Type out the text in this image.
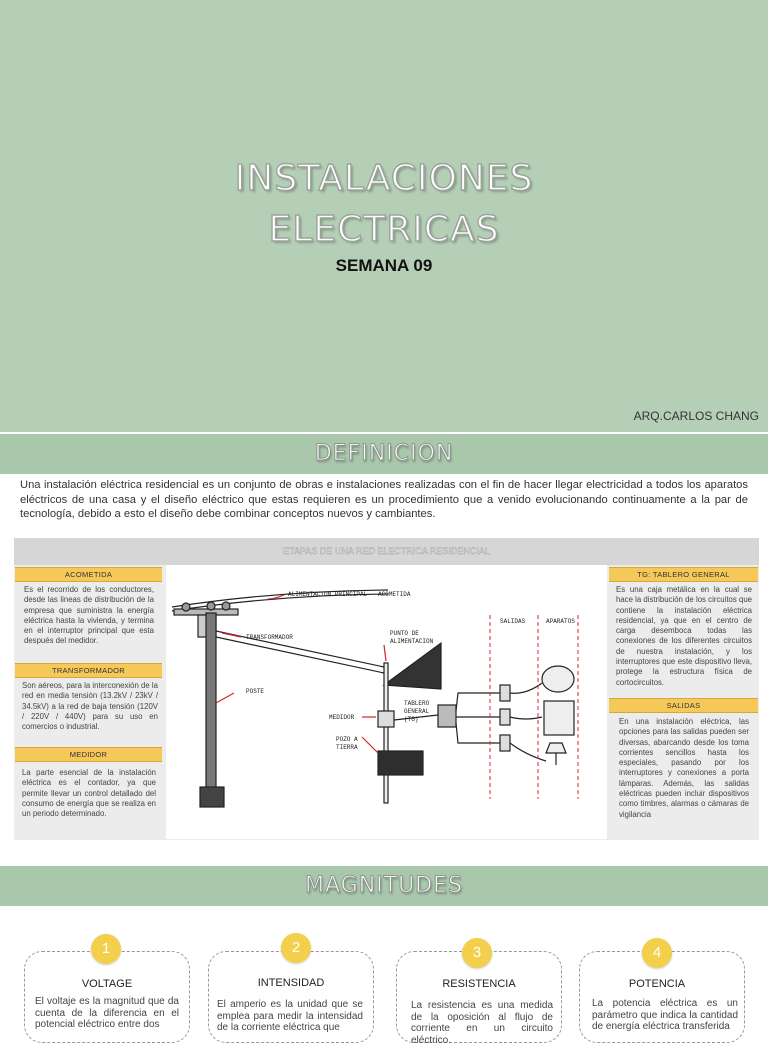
INSTALACIONES
ELECTRICAS
SEMANA 09
ARQ.CARLOS CHANG
DEFINICION
Una instalación eléctrica residencial es un conjunto de obras e instalaciones realizadas con el fin de hacer llegar electricidad a todos los aparatos eléctricos de una casa y el diseño eléctrico que estas requieren es un procedimiento que a venido evolucionando continuamente a la par de tecnología, debido a esto el diseño debe combinar conceptos nuevos y cambiantes.
ETAPAS DE UNA RED ELECTRICA RESIDENCIAL
ACOMETIDA
Es el recorrido de los conductores, desde las lineas de distribución de la empresa que suministra la energía eléctrica hasta la vivienda, y termina en el interruptor principal que esta después del medidor.
TRANSFORMADOR
Son aéreos, para la interconexión de la red en media tensión (13.2kV / 23kV / 34.5kV) a la red de baja tensión (120V / 220V / 440V) para su uso en comercios o industrial.
MEDIDOR
La parte esencial de la instalación eléctrica es el contador, ya que permite llevar un control detallado del consumo de energía que se realiza en un periodo determinado.
TG: TABLERO GENERAL
Es una caja metálica en la cual se hace la distribución de los circuitos que contiene la instalación eléctrica residencial, ya que en el centro de carga desemboca todas las conexiones de los diferentes circuitos de nuestra instalación, y los interruptores que este dispositivo lleva, protege la estructura física de cortocircuitos.
SALIDAS
En una instalación eléctrica, las opciones para las salidas pueden ser diversas, abarcando desde los toma corrientes sencillos hasta los especiales, pasando por los interruptores y conexiones a porta lámparas. Además, las salidas eléctricas pueden incluir dispositivos como timbres, alarmas o cámaras de vigilancia
ALIMENTACION PRINCIPAL - ACOMETIDA
TRANSFORMADOR
PUNTO DE
ALIMENTACION
POSTE
TABLERO
GENERAL
(TG)
MEDIDOR
POZO A
TIERRA
SALIDAS	APARATOS
MAGNITUDES
VOLTAGE
El voltaje es la magnitud que da cuenta de la diferencia en el potencial eléctrico entre dos
1
INTENSIDAD
El amperio es la unidad que se emplea para medir la intensidad de la corriente eléctrica que
2
RESISTENCIA
La resistencia es una medida de la oposición al flujo de corriente en un circuito eléctrico.
3
POTENCIA
La potencia eléctrica es un parámetro que indica la cantidad de energía eléctrica transferida
4
